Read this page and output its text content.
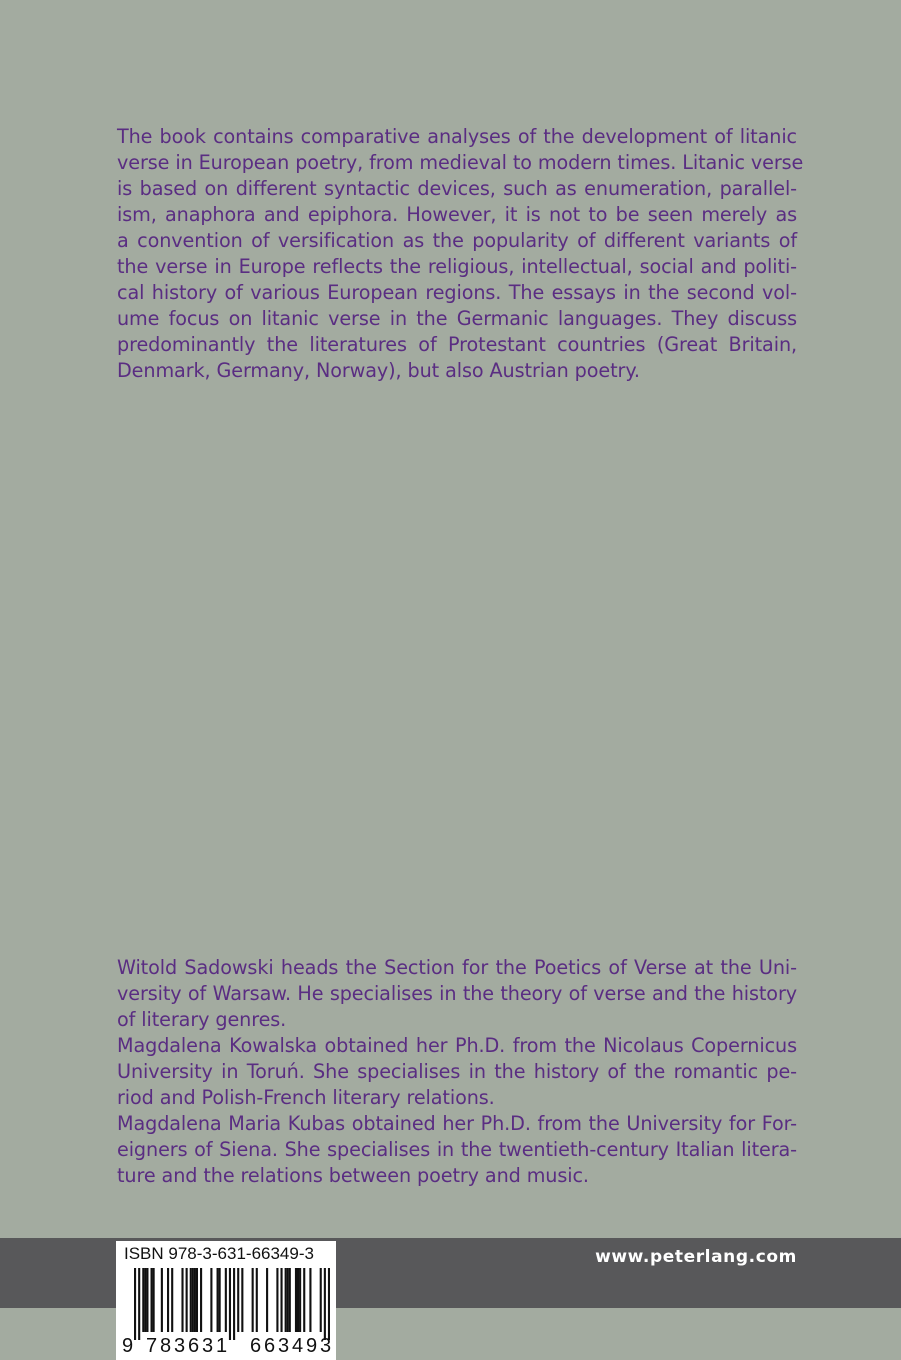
The book contains comparative analyses of the development of litanic
verse in European poetry, from medieval to modern times. Litanic verse
is based on different syntactic devices, such as enumeration, parallel-
ism, anaphora and epiphora. However, it is not to be seen merely as
a convention of versification as the popularity of different variants of
the verse in Europe reflects the religious, intellectual, social and politi-
cal history of various European regions. The essays in the second vol-
ume focus on litanic verse in the Germanic languages. They discuss
predominantly the literatures of Protestant countries (Great Britain,
Denmark, Germany, Norway), but also Austrian poetry.
Witold Sadowski heads the Section for the Poetics of Verse at the Uni-
versity of Warsaw. He specialises in the theory of verse and the history
of literary genres.
Magdalena Kowalska obtained her Ph.D. from the Nicolaus Copernicus
University in Toruń. She specialises in the history of the romantic pe-
riod and Polish-French literary relations.
Magdalena Maria Kubas obtained her Ph.D. from the University for For-
eigners of Siena. She specialises in the twentieth-century Italian litera-
ture and the relations between poetry and music.
www.peterlang.com
ISBN 978-3-631-66349-3
9 7 8 3 6 3 1 6 6 3 4 9 3
